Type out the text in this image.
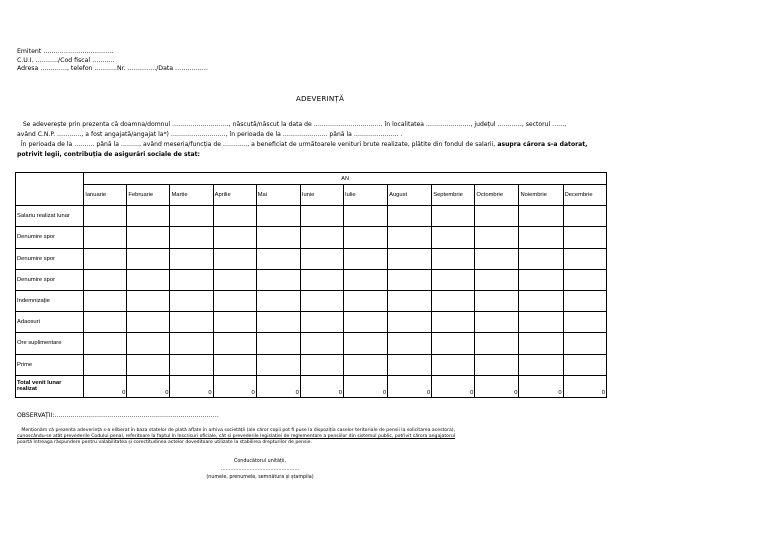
Emitent …………………………….
C.U.I. ………../Cod fiscal ………..
Adresa …………., telefon ………..Nr. …………../Data …………….
ADEVERINȚĂ
Se adeverește prin prezenta că doamna/domnul ………………………., născută/născut la data de ……………………………. în localitatea …………………., județul …………, sectorul ……,
având C.N.P. …………, a fost angajată/angajat la*) ………………………, în perioada de la …………………. până la …………………. .
În perioada de la ………. până la ………, având meseria/funcția de …………, a beneficiat de următoarele venituri brute realizate, plătite din fondul de salarii, asupra cărora s-a datorat,
potrivit legii, contribuția de asigurări sociale de stat:
	AN											
	Ianuarie	Februarie	Martie	Aprilie	Mai	Iunie	Iulie	August	Septembrie	Octombrie	Noiembrie	Decembrie
Salariu realizat lunar												
Denumire spor												
Denumire spor												
Denumire spor												
Indemnizație												
Adaosuri												
Ore suplimentare												
Prime												
Total venit lunar realizat	0	0	0	0	0	0	0	0	0	0	0	0
OBSERVAȚII:………………………………………………………………………
Menționăm că prezenta adeverință s-a eliberat în baza statelor de plată aflate în arhiva societății (ale căror copii pot fi puse la dispoziția caselor teritoriale de pensii la solicitarea acestora),
cunoscându-se atât prevederile Codului penal, referitoare la faptul în înscrisuri oficiale, cât și prevederile legislației de reglementare a pensiilor din sistemul public, potrivit cărora angajatorul
poartă întreaga răspundere pentru valabilitatea și corectitudinea actelor doveditoare utilizate la stabilirea drepturilor de pensie.
Conducătorul unității,
………………………………………….
(numele, prenumele, semnătura și ștampila)
